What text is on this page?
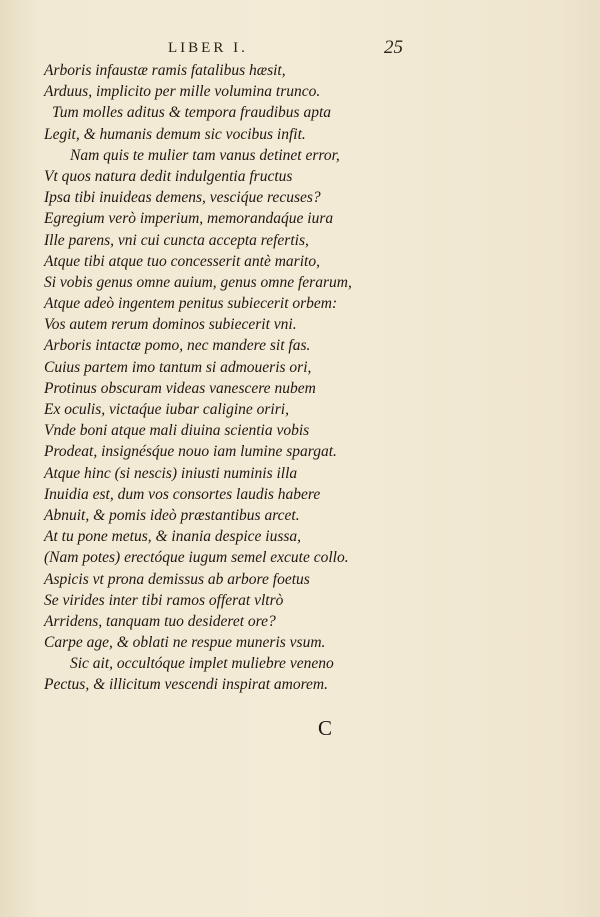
LIBER I.	25
Arboris infaustæ ramis fatalibus hæsit,
Arduus, implicito per mille volumina trunco.
Tum molles aditus & tempora fraudibus apta
Legit, & humanis demum sic vocibus infit.
Nam quis te mulier tam vanus detinet error,
Vt quos natura dedit indulgentia fructus
Ipsa tibi inuideas demens, vesciq́ue recuses?
Egregium verò imperium, memorandaq́ue iura
Ille parens, vni cui cuncta accepta refertis,
Atque tibi atque tuo concesserit antè marito,
Si vobis genus omne auium, genus omne ferarum,
Atque adeò ingentem penitus subiecerit orbem:
Vos autem rerum dominos subiecerit vni.
Arboris intactæ pomo, nec mandere sit fas.
Cuius partem imo tantum si admoueris ori,
Protinus obscuram videas vanescere nubem
Ex oculis, victaq́ue iubar caligine oriri,
Vnde boni atque mali diuina scientia vobis
Prodeat, insignésq́ue nouo iam lumine spargat.
Atque hinc (si nescis) iniusti numinis illa
Inuidia est, dum vos consortes laudis habere
Abnuit, & pomis ideò præstantibus arcet.
At tu pone metus, & inania despice iussa,
(Nam potes) erectóque iugum semel excute collo.
Aspicis vt prona demissus ab arbore foetus
Se virides inter tibi ramos offerat vltrò
Arridens, tanquam tuo desideret ore?
Carpe age, & oblati ne respue muneris vsum.
Sic ait, occultóque implet muliebre veneno
Pectus, & illicitum vescendi inspirat amorem.
C
